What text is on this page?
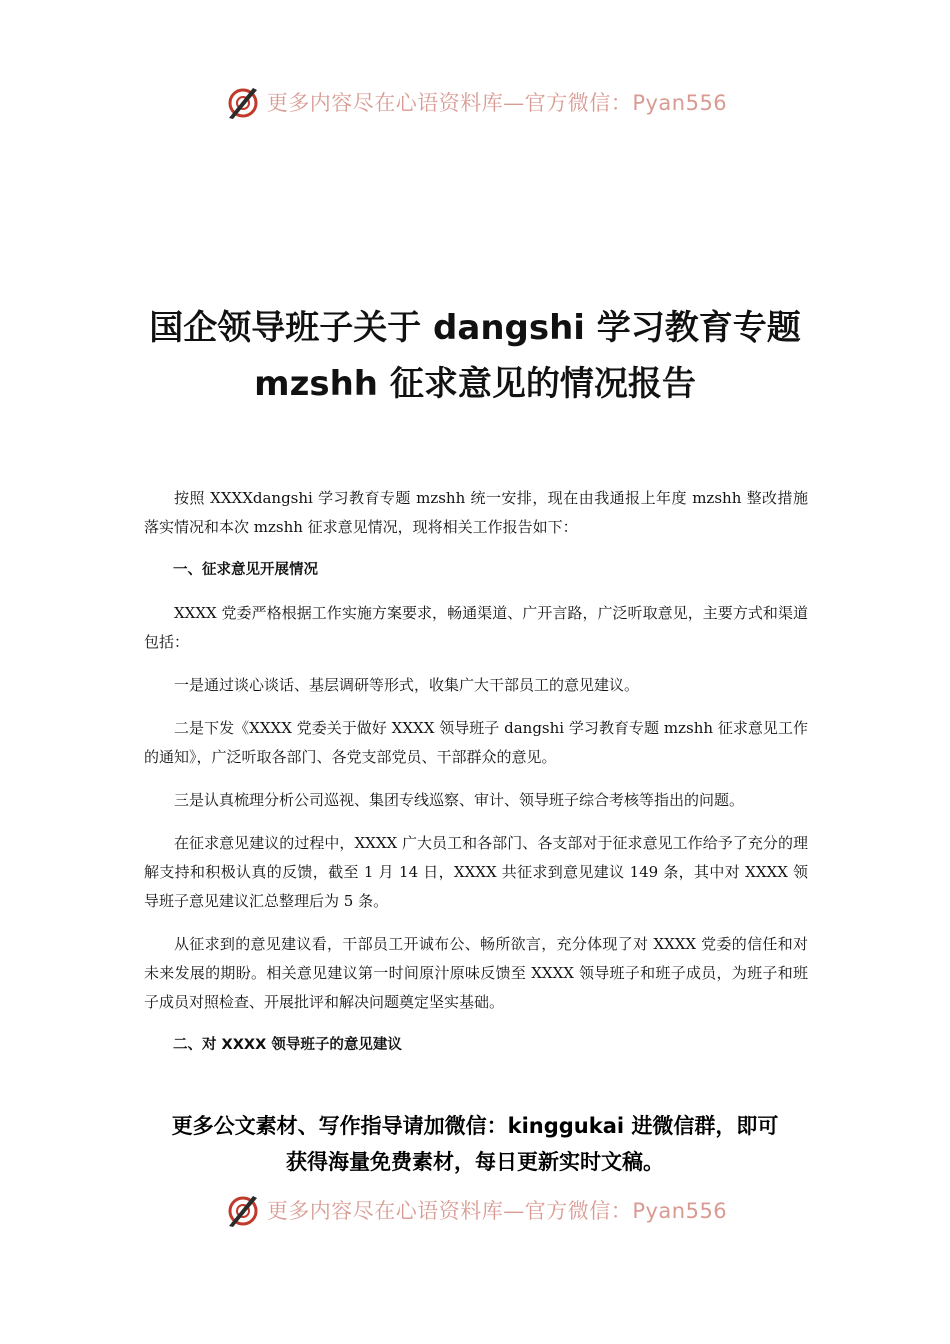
更多内容尽在心语资料库—官方微信：Pyan556
国企领导班子关于 dangshi 学习教育专题
mzshh 征求意见的情况报告

按照 XXXXdangshi 学习教育专题 mzshh 统一安排，现在由我通报上年度 mzshh 整改措施落实情况和本次 mzshh 征求意见情况，现将相关工作报告如下：

一、征求意见开展情况

XXXX 党委严格根据工作实施方案要求，畅通渠道、广开言路，广泛听取意见，主要方式和渠道包括：

一是通过谈心谈话、基层调研等形式，收集广大干部员工的意见建议。

二是下发《XXXX 党委关于做好 XXXX 领导班子 dangshi 学习教育专题 mzshh 征求意见工作的通知》，广泛听取各部门、各党支部党员、干部群众的意见。

三是认真梳理分析公司巡视、集团专线巡察、审计、领导班子综合考核等指出的问题。

在征求意见建议的过程中，XXXX 广大员工和各部门、各支部对于征求意见工作给予了充分的理解支持和积极认真的反馈，截至 1 月 14 日，XXXX 共征求到意见建议 149 条，其中对 XXXX 领导班子意见建议汇总整理后为 5 条。

从征求到的意见建议看，干部员工开诚布公、畅所欲言，充分体现了对 XXXX 党委的信任和对未来发展的期盼。相关意见建议第一时间原汁原味反馈至 XXXX 领导班子和班子成员，为班子和班子成员对照检查、开展批评和解决问题奠定坚实基础。

二、对 XXXX 领导班子的意见建议

更多公文素材、写作指导请加微信：kinggukai 进微信群，即可
获得海量免费素材，每日更新实时文稿。
更多内容尽在心语资料库—官方微信：Pyan556
